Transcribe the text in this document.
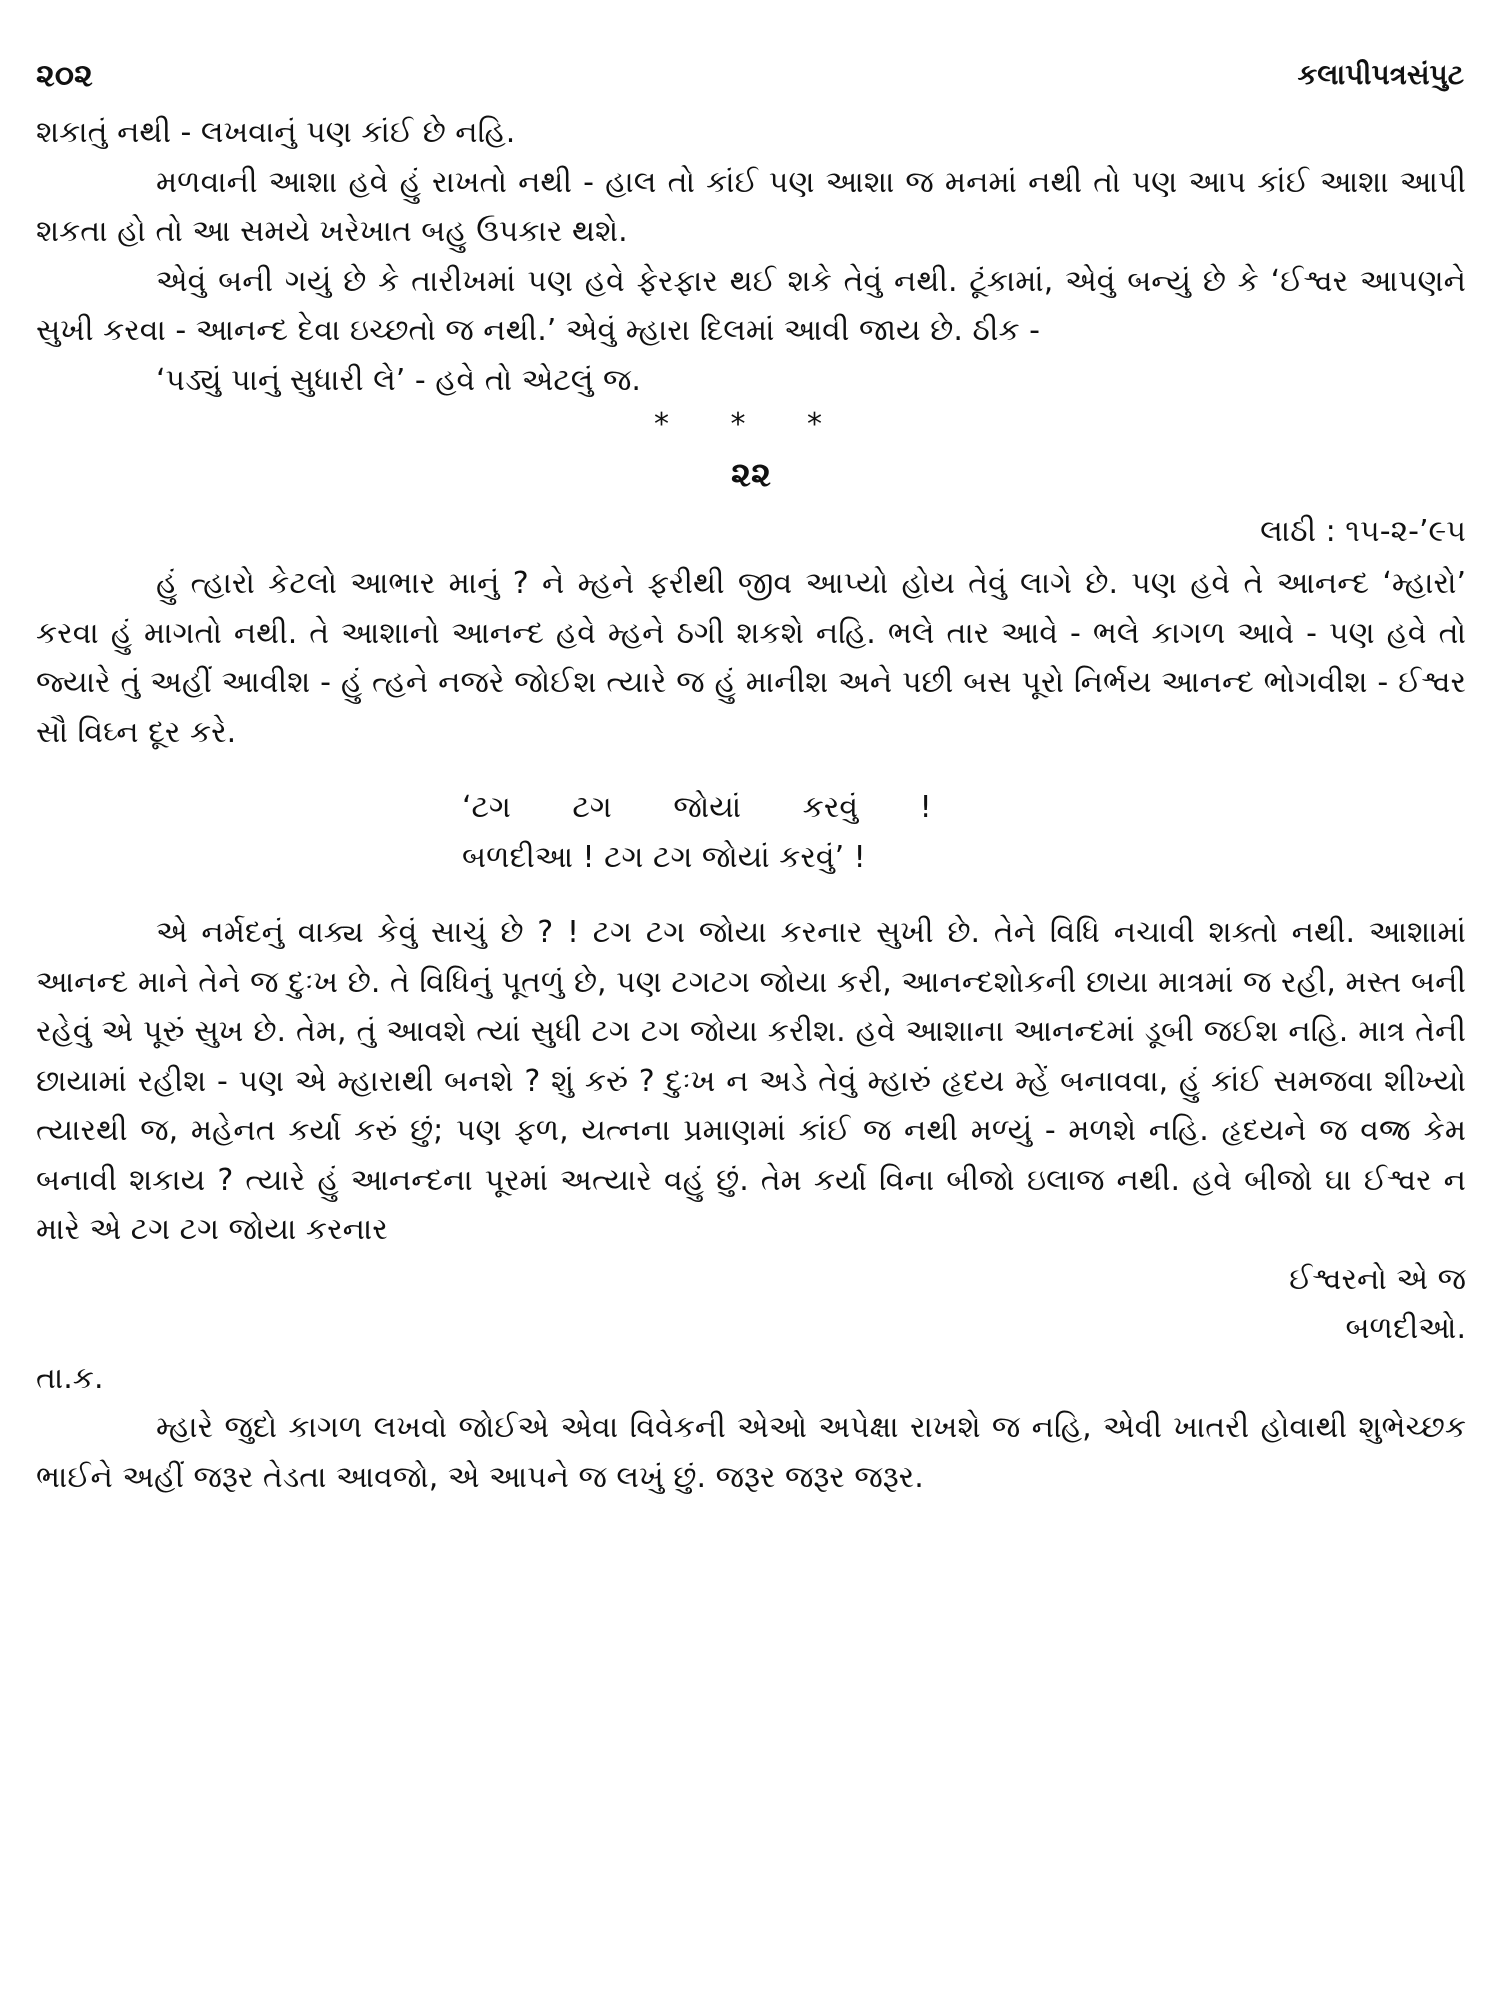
૨૦૨	કલાપીપત્રસંપુટ

શકાતું નથી - લખવાનું પણ કાંઈ છે નહિ.

મળવાની આશા હવે હું રાખતો નથી - હાલ તો કાંઈ પણ આશા જ મનમાં નથી તો પણ આપ કાંઈ આશા આપી શકતા હો તો આ સમયે ખરેખાત બહુ ઉપકાર થશે.

એવું બની ગયું છે કે તારીખમાં પણ હવે ફેરફાર થઈ શકે તેવું નથી. ટૂંકામાં, એવું બન્યું છે કે ‘ઈશ્વર આપણને સુખી કરવા - આનન્દ દેવા ઇચ્છતો જ નથી.’ એવું મ્હારા દિલમાં આવી જાય છે. ઠીક -

‘પડ્યું પાનું સુધારી લે’ - હવે તો એટલું જ.

* * *

૨૨

લાઠી : ૧૫-૨-’૯૫

હું ત્હારો કેટલો આભાર માનું ? ને મ્હને ફરીથી જીવ આપ્યો હોય તેવું લાગે છે. પણ હવે તે આનન્દ ‘મ્હારો’ કરવા હું માગતો નથી. તે આશાનો આનન્દ હવે મ્હને ઠગી શકશે નહિ. ભલે તાર આવે - ભલે કાગળ આવે - પણ હવે તો જ્યારે તું અહીં આવીશ - હું ત્હને નજરે જોઈશ ત્યારે જ હું માનીશ અને પછી બસ પૂરો નિર્ભય આનન્દ ભોગવીશ - ઈશ્વર સૌ વિઘ્ન દૂર કરે.

‘ટગ ટગ જોયાં કરવું !
બળદીઆ ! ટગ ટગ જોયાં કરવું’ !

એ નર્મદનું વાક્ય કેવું સાચું છે ? ! ટગ ટગ જોયા કરનાર સુખી છે. તેને વિધિ નચાવી શક્તો નથી. આશામાં આનન્દ માને તેને જ દુઃખ છે. તે વિધિનું પૂતળું છે, પણ ટગટગ જોયા કરી, આનન્દશોકની છાયા માત્રમાં જ રહી, મસ્ત બની રહેવું એ પૂરું સુખ છે. તેમ, તું આવશે ત્યાં સુધી ટગ ટગ જોયા કરીશ. હવે આશાના આનન્દમાં ડૂબી જઈશ નહિ. માત્ર તેની છાયામાં રહીશ - પણ એ મ્હારાથી બનશે ? શું કરું ? દુઃખ ન અડે તેવું મ્હારું હૃદય મ્હેં બનાવવા, હું કાંઈ સમજવા શીખ્યો ત્યારથી જ, મહેનત કર્યા કરું છું; પણ ફળ, યત્નના પ્રમાણમાં કાંઈ જ નથી મળ્યું - મળશે નહિ. હૃદયને જ વજ્ર કેમ બનાવી શકાય ? ત્યારે હું આનન્દના પૂરમાં અત્યારે વહું છું. તેમ કર્યા વિના બીજો ઇલાજ નથી. હવે બીજો ઘા ઈશ્વર ન મારે એ ટગ ટગ જોયા કરનાર

ઈશ્વરનો એ જ

બળદીઓ.

તા.ક.

મ્હારે જુદો કાગળ લખવો જોઈએ એવા વિવેકની એઓ અપેક્ષા રાખશે જ નહિ, એવી ખાતરી હોવાથી શુભેચ્છક ભાઈને અહીં જરૂર તેડતા આવજો, એ આપને જ લખું છું. જરૂર જરૂર જરૂર.
